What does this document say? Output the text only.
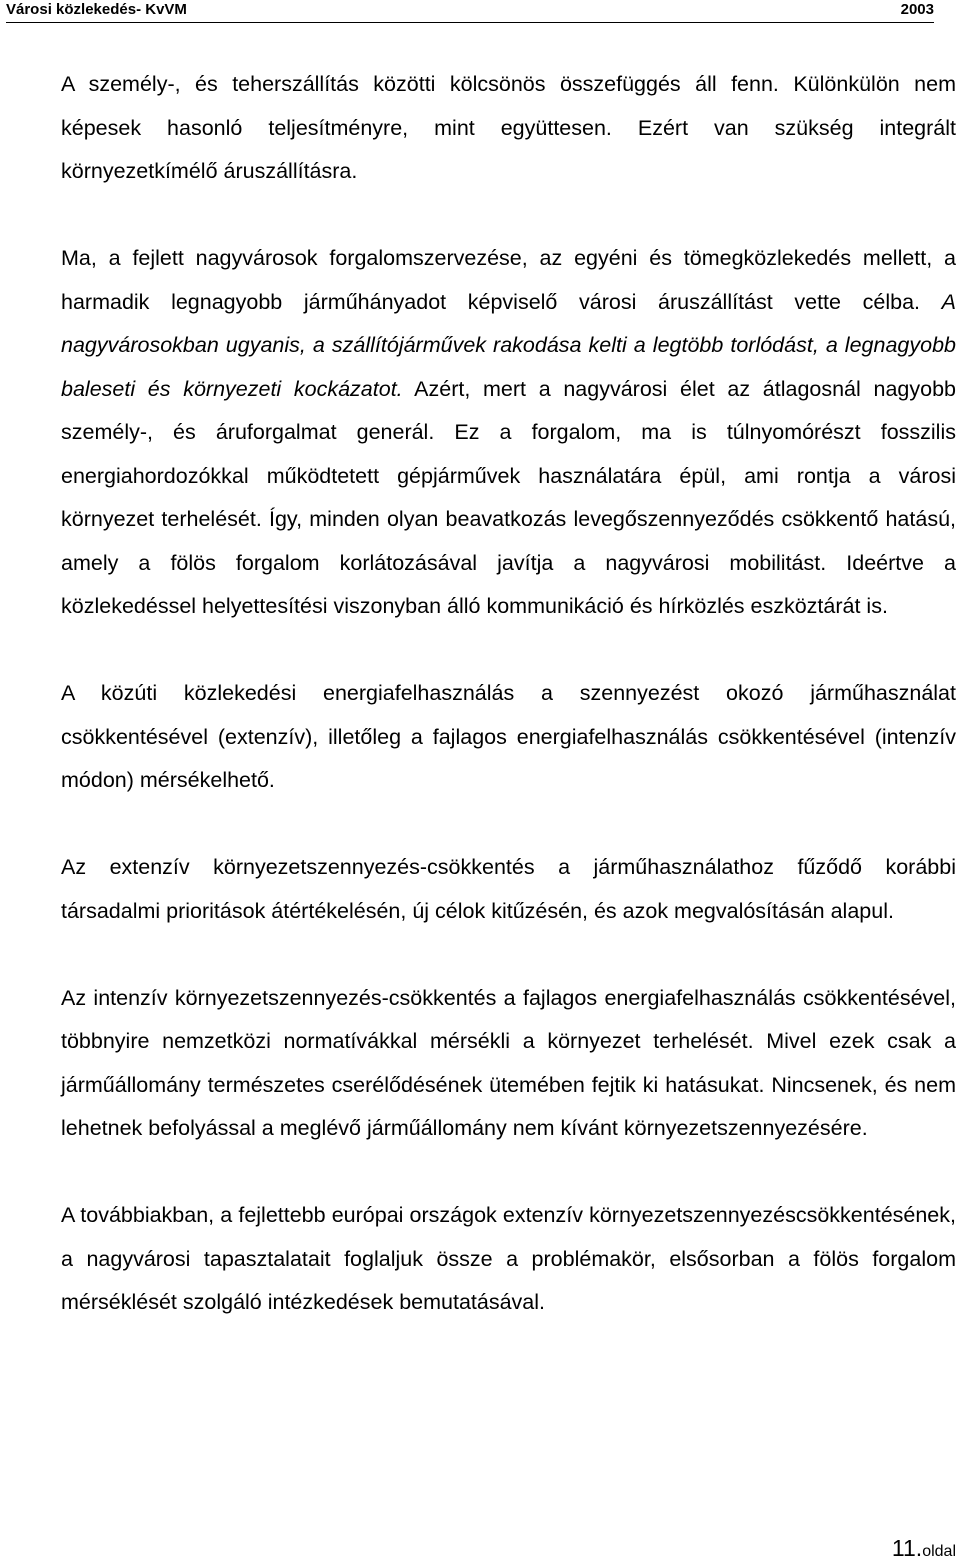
Városi közlekedés- KvVM	2003

A személy-, és teherszállítás közötti kölcsönös összefüggés áll fenn. Különkülön nem képesek hasonló teljesítményre, mint együttesen. Ezért van szükség integrált környezetkímélő áruszállításra.

Ma, a fejlett nagyvárosok forgalomszervezése, az egyéni és tömegközlekedés mellett, a harmadik legnagyobb járműhányadot képviselő városi áruszállítást vette célba. A nagyvárosokban ugyanis, a szállítójárművek rakodása kelti a legtöbb torlódást, a legnagyobb baleseti és környezeti kockázatot. Azért, mert a nagyvárosi élet az átlagosnál nagyobb személy-, és áruforgalmat generál. Ez a forgalom, ma is túlnyomórészt fosszilis energiahordozókkal működtetett gépjárművek használatára épül, ami rontja a városi környezet terhelését. Így, minden olyan beavatkozás levegőszennyeződés csökkentő hatású, amely a fölös forgalom korlátozásával javítja a nagyvárosi mobilitást. Ideértve a közlekedéssel helyettesítési viszonyban álló kommunikáció és hírközlés eszköztárát is.

A közúti közlekedési energiafelhasználás a szennyezést okozó járműhasználat csökkentésével (extenzív), illetőleg a fajlagos energiafelhasználás csökkentésével (intenzív módon) mérsékelhető.

Az extenzív környezetszennyezés-csökkentés a járműhasználathoz fűződő korábbi társadalmi prioritások átértékelésén, új célok kitűzésén, és azok megvalósításán alapul.

Az intenzív környezetszennyezés-csökkentés a fajlagos energiafelhasználás csökkentésével, többnyire nemzetközi normatívákkal mérsékli a környezet terhelését. Mivel ezek csak a járműállomány természetes cserélődésének ütemében fejtik ki hatásukat. Nincsenek, és nem lehetnek befolyással a meglévő járműállomány nem kívánt környezetszennyezésére.

A továbbiakban, a fejlettebb európai országok extenzív környezetszennyezéscsökkentésének, a nagyvárosi tapasztalatait foglaljuk össze a problémakör, elsősorban a fölös forgalom mérséklését szolgáló intézkedések bemutatásával.

11.oldal
